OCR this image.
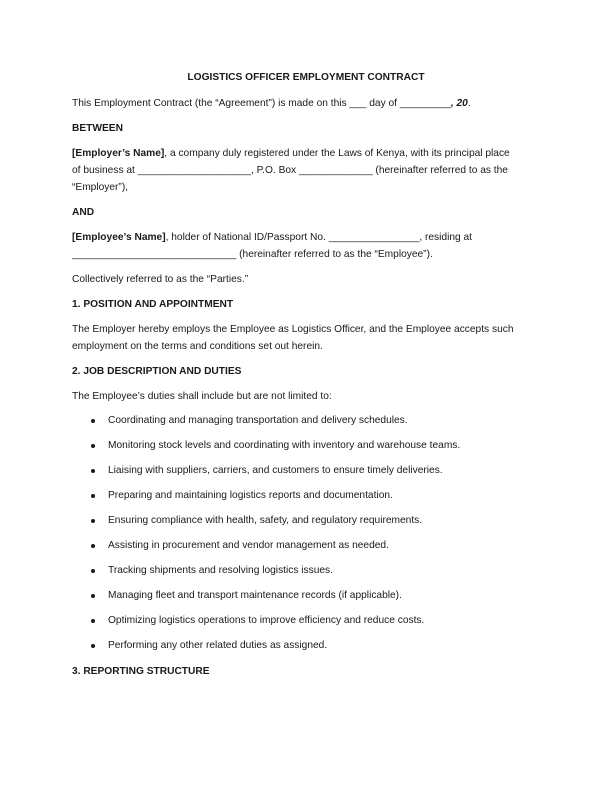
LOGISTICS OFFICER EMPLOYMENT CONTRACT
This Employment Contract (the “Agreement”) is made on this ___ day of _________, 20.
BETWEEN
[Employer’s Name], a company duly registered under the Laws of Kenya, with its principal place
of business at ____________________, P.O. Box _____________ (hereinafter referred to as the
“Employer”),
AND
[Employee’s Name], holder of National ID/Passport No. ________________, residing at
_____________________________ (hereinafter referred to as the “Employee”).
Collectively referred to as the “Parties.”
1. POSITION AND APPOINTMENT
The Employer hereby employs the Employee as Logistics Officer, and the Employee accepts such
employment on the terms and conditions set out herein.
2. JOB DESCRIPTION AND DUTIES
The Employee’s duties shall include but are not limited to:
Coordinating and managing transportation and delivery schedules.
Monitoring stock levels and coordinating with inventory and warehouse teams.
Liaising with suppliers, carriers, and customers to ensure timely deliveries.
Preparing and maintaining logistics reports and documentation.
Ensuring compliance with health, safety, and regulatory requirements.
Assisting in procurement and vendor management as needed.
Tracking shipments and resolving logistics issues.
Managing fleet and transport maintenance records (if applicable).
Optimizing logistics operations to improve efficiency and reduce costs.
Performing any other related duties as assigned.
3. REPORTING STRUCTURE
